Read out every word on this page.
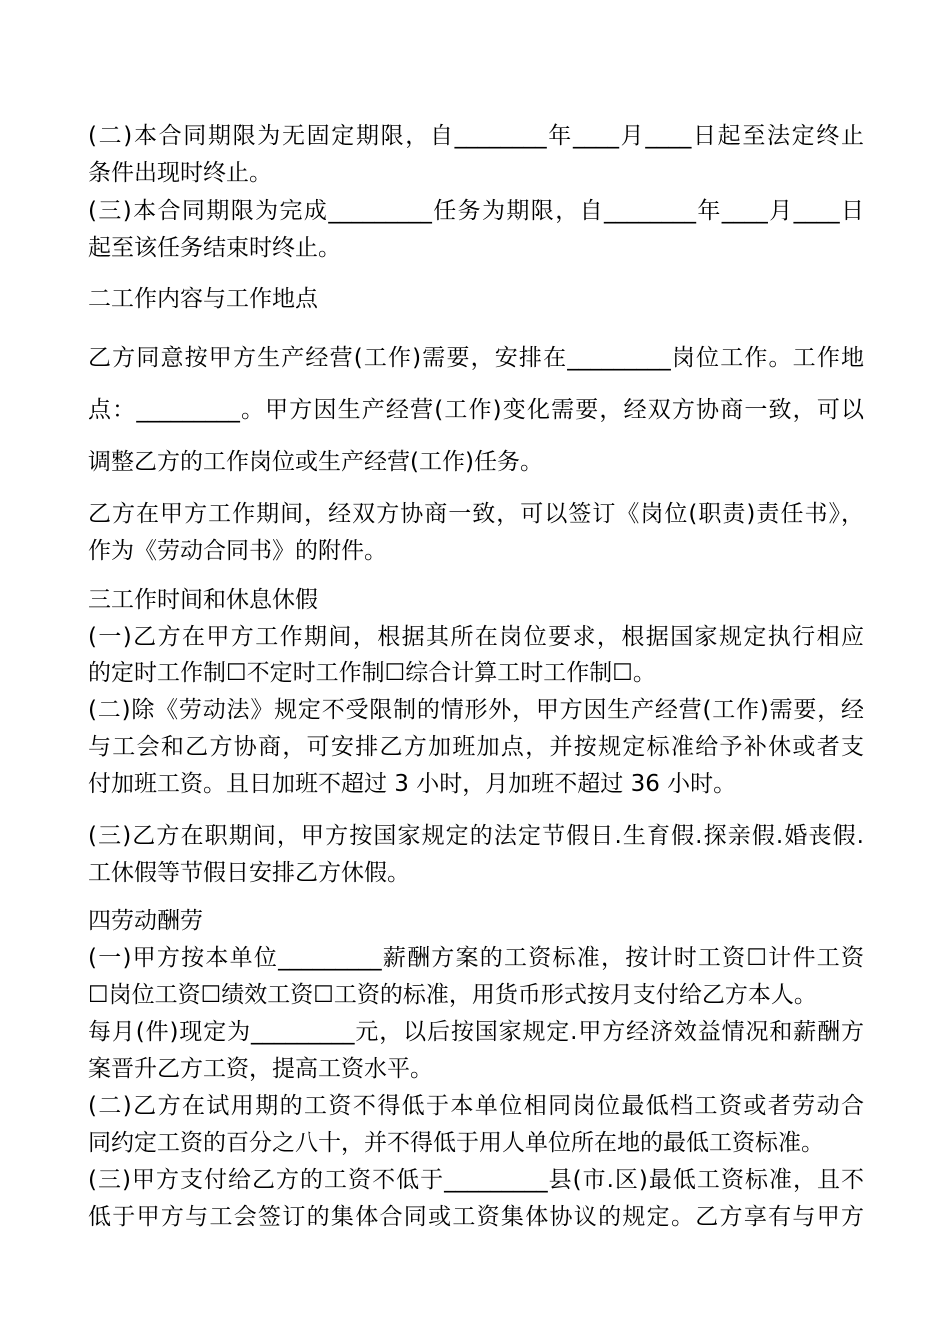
(二)本合同期限为无固定期限，自________年____月____日起至法定终止
条件出现时终止。
(三)本合同期限为完成_________任务为期限，自________年____月____日
起至该任务结束时终止。
二工作内容与工作地点
乙方同意按甲方生产经营(工作)需要，安排在_________岗位工作。工作地
点：_________。甲方因生产经营(工作)变化需要，经双方协商一致，可以
调整乙方的工作岗位或生产经营(工作)任务。
乙方在甲方工作期间，经双方协商一致，可以签订《岗位(职责)责任书》，
作为《劳动合同书》的附件。
三工作时间和休息休假
(一)乙方在甲方工作期间，根据其所在岗位要求，根据国家规定执行相应
的定时工作制☐不定时工作制☐综合计算工时工作制☐。
(二)除《劳动法》规定不受限制的情形外，甲方因生产经营(工作)需要，经
与工会和乙方协商，可安排乙方加班加点，并按规定标准给予补休或者支
付加班工资。且日加班不超过 3 小时，月加班不超过 36 小时。
(三)乙方在职期间，甲方按国家规定的法定节假日.生育假.探亲假.婚丧假.
工休假等节假日安排乙方休假。
四劳动酬劳
(一)甲方按本单位_________薪酬方案的工资标准，按计时工资☐计件工资
☐岗位工资☐绩效工资☐工资的标准，用货币形式按月支付给乙方本人。
每月(件)现定为_________元，以后按国家规定.甲方经济效益情况和薪酬方
案晋升乙方工资，提高工资水平。
(二)乙方在试用期的工资不得低于本单位相同岗位最低档工资或者劳动合
同约定工资的百分之八十，并不得低于用人单位所在地的最低工资标准。
(三)甲方支付给乙方的工资不低于_________县(市.区)最低工资标准，且不
低于甲方与工会签订的集体合同或工资集体协议的规定。乙方享有与甲方
